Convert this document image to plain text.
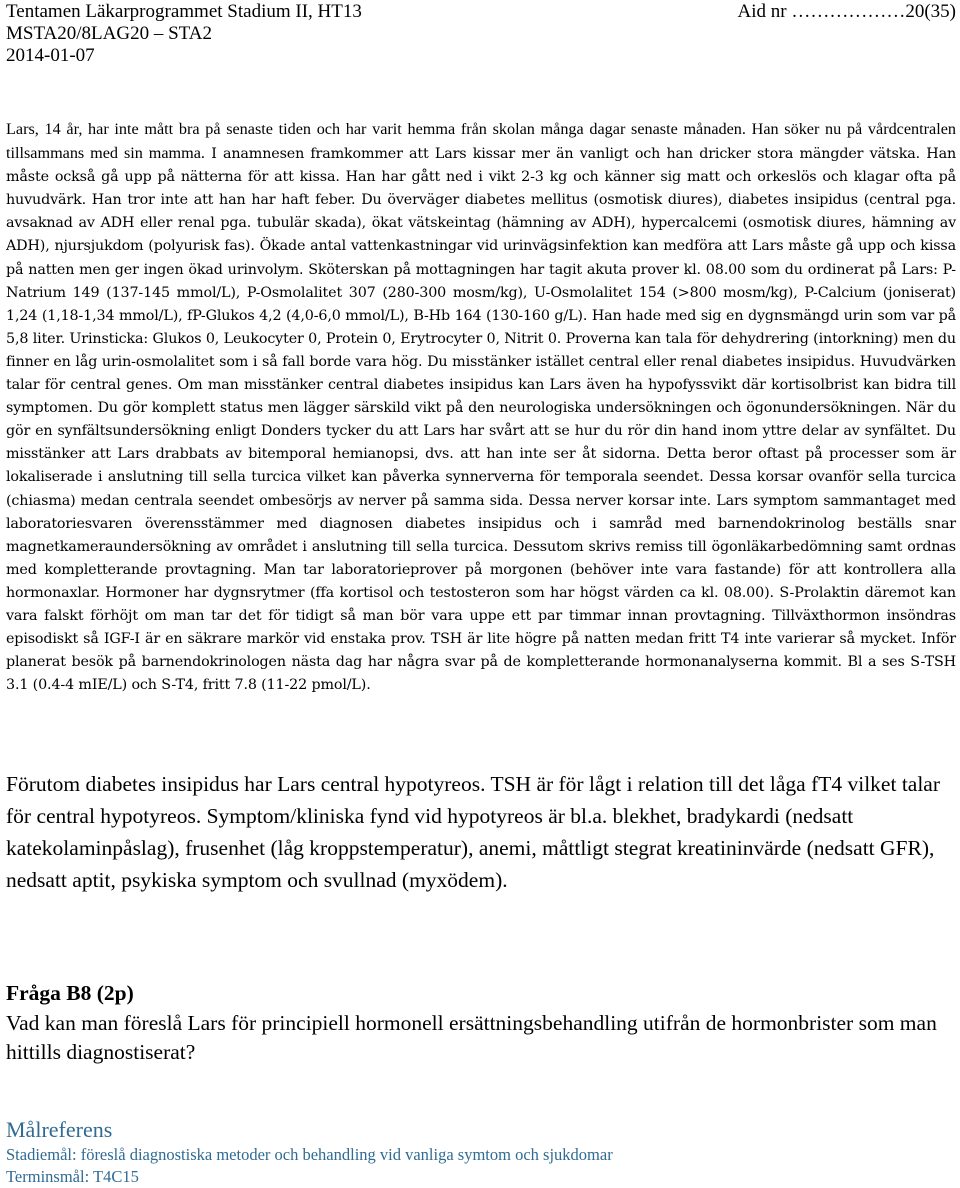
Tentamen Läkarprogrammet Stadium II, HT13	Aid nr ………………20(35)
MSTA20/8LAG20 – STA2
2014-01-07
Lars, 14 år, har inte mått bra på senaste tiden och har varit hemma från skolan många dagar senaste månaden. Han söker nu på vårdcentralen tillsammans med sin mamma. I anamnesen framkommer att Lars kissar mer än vanligt och han dricker stora mängder vätska. Han måste också gå upp på nätterna för att kissa. Han har gått ned i vikt 2-3 kg och känner sig matt och orkeslös och klagar ofta på huvudvärk. Han tror inte att han har haft feber. Du överväger diabetes mellitus (osmotisk diures), diabetes insipidus (central pga. avsaknad av ADH eller renal pga. tubulär skada), ökat vätskeintag (hämning av ADH), hypercalcemi (osmotisk diures, hämning av ADH), njursjukdom (polyurisk fas). Ökade antal vattenkastningar vid urinvägsinfektion kan medföra att Lars måste gå upp och kissa på natten men ger ingen ökad urinvolym. Sköterskan på mottagningen har tagit akuta prover kl. 08.00 som du ordinerat på Lars: P-Natrium 149 (137-145 mmol/L), P-Osmolalitet 307 (280-300 mosm/kg), U-Osmolalitet 154 (>800 mosm/kg), P-Calcium (joniserat) 1,24 (1,18-1,34 mmol/L), fP-Glukos 4,2 (4,0-6,0 mmol/L), B-Hb 164 (130-160 g/L). Han hade med sig en dygnsmängd urin som var på 5,8 liter. Urinsticka: Glukos 0, Leukocyter 0, Protein 0, Erytrocyter 0, Nitrit 0. Proverna kan tala för dehydrering (intorkning) men du finner en låg urin-osmolalitet som i så fall borde vara hög. Du misstänker istället central eller renal diabetes insipidus. Huvudvärken talar för central genes. Om man misstänker central diabetes insipidus kan Lars även ha hypofyssvikt där kortisolbrist kan bidra till symptomen. Du gör komplett status men lägger särskild vikt på den neurologiska undersökningen och ögonundersökningen. När du gör en synfältsundersökning enligt Donders tycker du att Lars har svårt att se hur du rör din hand inom yttre delar av synfältet. Du misstänker att Lars drabbats av bitemporal hemianopsi, dvs. att han inte ser åt sidorna. Detta beror oftast på processer som är lokaliserade i anslutning till sella turcica vilket kan påverka synnerverna för temporala seendet. Dessa korsar ovanför sella turcica (chiasma) medan centrala seendet ombesörjs av nerver på samma sida. Dessa nerver korsar inte. Lars symptom sammantaget med laboratoriesvaren överensstämmer med diagnosen diabetes insipidus och i samråd med barnendokrinolog beställs snar magnetkameraundersökning av området i anslutning till sella turcica. Dessutom skrivs remiss till ögonläkarbedömning samt ordnas med kompletterande provtagning. Man tar laboratorieprover på morgonen (behöver inte vara fastande) för att kontrollera alla hormonaxlar. Hormoner har dygnsrytmer (ffa kortisol och testosteron som har högst värden ca kl. 08.00). S-Prolaktin däremot kan vara falskt förhöjt om man tar det för tidigt så man bör vara uppe ett par timmar innan provtagning. Tillväxthormon insöndras episodiskt så IGF-I är en säkrare markör vid enstaka prov. TSH är lite högre på natten medan fritt T4 inte varierar så mycket. Inför planerat besök på barnendokrinologen nästa dag har några svar på de kompletterande hormonanalyserna kommit. Bl a ses S-TSH 3.1 (0.4-4 mIE/L) och S-T4, fritt 7.8 (11-22 pmol/L).
Förutom diabetes insipidus har Lars central hypotyreos. TSH är för lågt i relation till det låga fT4 vilket talar för central hypotyreos. Symptom/kliniska fynd vid hypotyreos är bl.a. blekhet, bradykardi (nedsatt katekolaminpåslag), frusenhet (låg kroppstemperatur), anemi, måttligt stegrat kreatininvärde (nedsatt GFR), nedsatt aptit, psykiska symptom och svullnad (myxödem).
Fråga B8 (2p)
Vad kan man föreslå Lars för principiell hormonell ersättningsbehandling utifrån de hormonbrister som man hittills diagnostiserat?
Målreferens
Stadiemål: föreslå diagnostiska metoder och behandling vid vanliga symtom och sjukdomar
Terminsmål: T4C15
